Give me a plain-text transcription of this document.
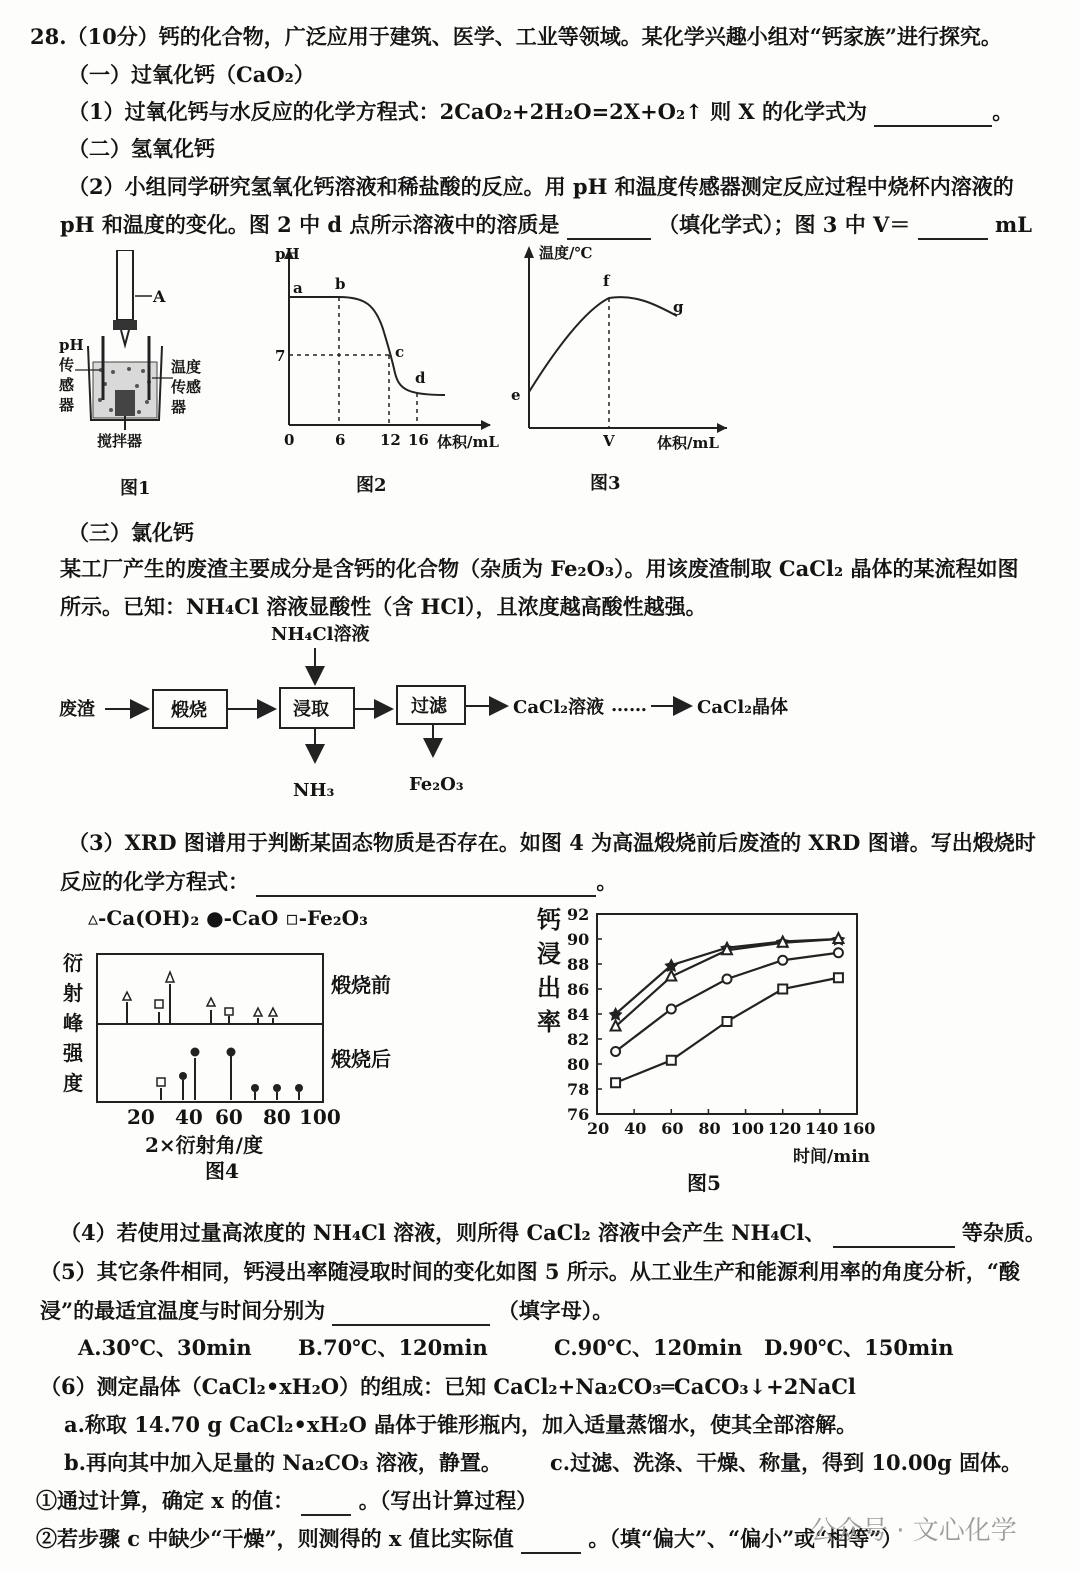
28.（10分）钙的化合物，广泛应用于建筑、医学、工业等领域。某化学兴趣小组对“钙家族”进行探究。
（一）过氧化钙（CaO₂）
（1）过氧化钙与水反应的化学方程式：2CaO₂+2H₂O=2X+O₂↑ 则 X 的化学式为	。
（二）氢氧化钙
（2）小组同学研究氢氧化钙溶液和稀盐酸的反应。用 pH 和温度传感器测定反应过程中烧杯内溶液的
pH 和温度的变化。图 2 中 d 点所示溶液中的溶质是	（填化学式）；图 3 中 V＝	mL
A
pH
传
感
器
温度
传感
器
搅拌器
图1
pH
a b
c
d
7
0	6 12 16 体积/mL
图2
温度/℃
e
f
g
V	体积/mL
图3
（三）氯化钙
某工厂产生的废渣主要成分是含钙的化合物（杂质为 Fe₂O₃）。用该废渣制取 CaCl₂ 晶体的某流程如图
所示。已知：NH₄Cl 溶液显酸性（含 HCl），且浓度越高酸性越强。
废渣	煅烧	浸取
NH₄Cl溶液
NH₃
过滤
Fe₂O₃
CaCl₂溶液 ……	CaCl₂晶体
（3）XRD 图谱用于判断某固态物质是否存在。如图 4 为高温煅烧前后废渣的 XRD 图谱。写出煅烧时
反应的化学方程式：	。
▵-Ca(OH)₂ ●-CaO ▫-Fe₂O₃
衍
射
峰
强
度
煅烧前
煅烧后
20 40 60 80 100
2×衍射角/度
图4
钙
浸
出
率
76
78
80
82
84
86
88
90
92
20 40 60 80 100 120 140 160
时间/min
图5
（4）若使用过量高浓度的 NH₄Cl 溶液，则所得 CaCl₂ 溶液中会产生 NH₄Cl、	等杂质。
（5）其它条件相同，钙浸出率随浸取时间的变化如图 5 所示。从工业生产和能源利用率的角度分析，“酸
浸”的最适宜温度与时间分别为	（填字母）。
A.30℃、30min B.70℃、120min	C.90℃、120min D.90℃、150min
（6）测定晶体（CaCl₂•xH₂O）的组成：已知 CaCl₂+Na₂CO₃═CaCO₃↓+2NaCl
a.称取 14.70 g CaCl₂•xH₂O 晶体于锥形瓶内，加入适量蒸馏水，使其全部溶解。
b.再向其中加入足量的 Na₂CO₃ 溶液，静置。 c.过滤、洗涤、干燥、称量，得到 10.00g 固体。
①通过计算，确定 x 的值：	。（写出计算过程）
②若步骤 c 中缺少“干燥”，则测得的 x 值比实际值	。（填“偏大”、“偏小”或“相等”）
公众号 · 文心化学
